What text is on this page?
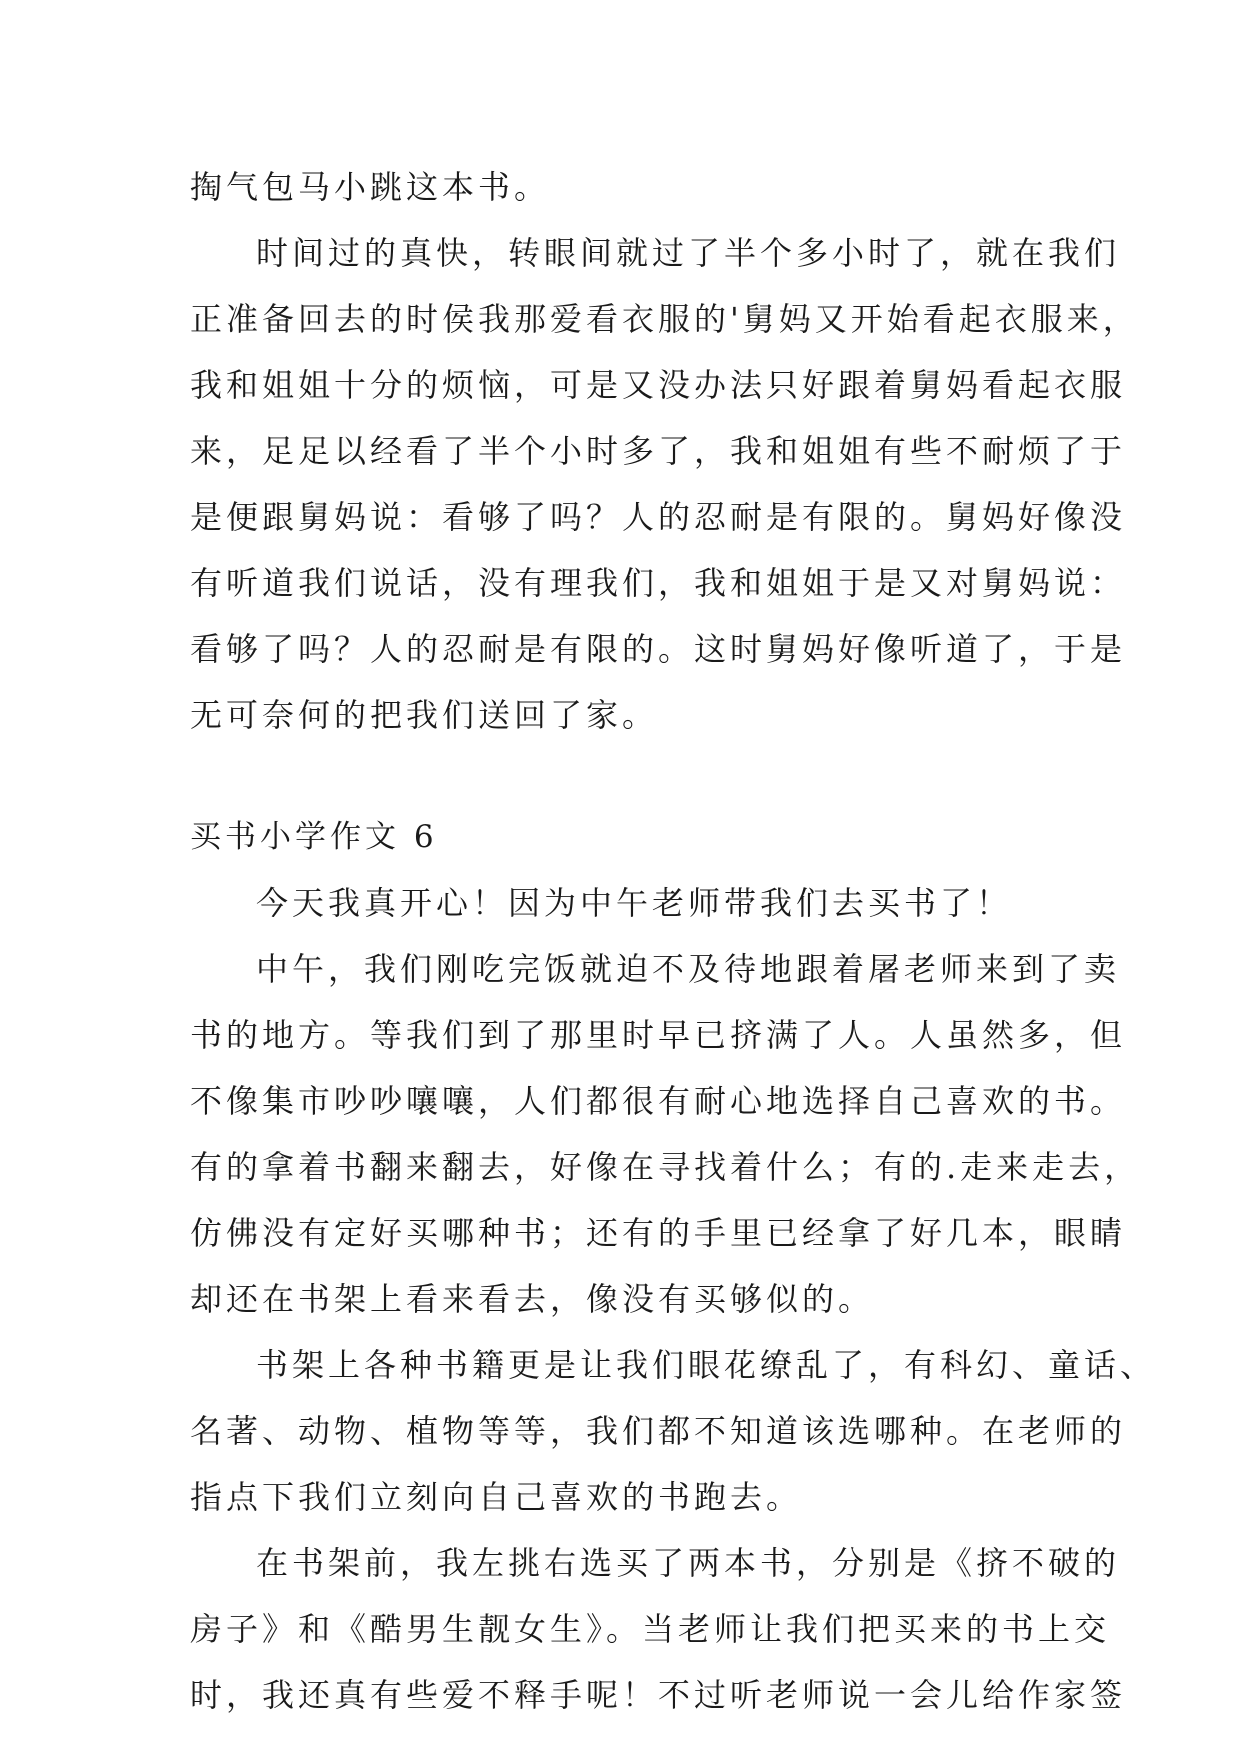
掏气包马小跳这本书。
时间过的真快，转眼间就过了半个多小时了，就在我们
正准备回去的时侯我那爱看衣服的'舅妈又开始看起衣服来，
我和姐姐十分的烦恼，可是又没办法只好跟着舅妈看起衣服
来，足足以经看了半个小时多了，我和姐姐有些不耐烦了于
是便跟舅妈说：看够了吗？人的忍耐是有限的。舅妈好像没
有听道我们说话，没有理我们，我和姐姐于是又对舅妈说：
看够了吗？人的忍耐是有限的。这时舅妈好像听道了，于是
无可奈何的把我们送回了家。
买书小学作文 6
今天我真开心！因为中午老师带我们去买书了！
中午，我们刚吃完饭就迫不及待地跟着屠老师来到了卖
书的地方。等我们到了那里时早已挤满了人。人虽然多，但
不像集市吵吵嚷嚷，人们都很有耐心地选择自己喜欢的书。
有的拿着书翻来翻去，好像在寻找着什么；有的.走来走去，
仿佛没有定好买哪种书；还有的手里已经拿了好几本，眼睛
却还在书架上看来看去，像没有买够似的。
书架上各种书籍更是让我们眼花缭乱了，有科幻、童话、
名著、动物、植物等等，我们都不知道该选哪种。在老师的
指点下我们立刻向自己喜欢的书跑去。
在书架前，我左挑右选买了两本书，分别是《挤不破的
房子》和《酷男生靓女生》。当老师让我们把买来的书上交
时，我还真有些爱不释手呢！不过听老师说一会儿给作家签
